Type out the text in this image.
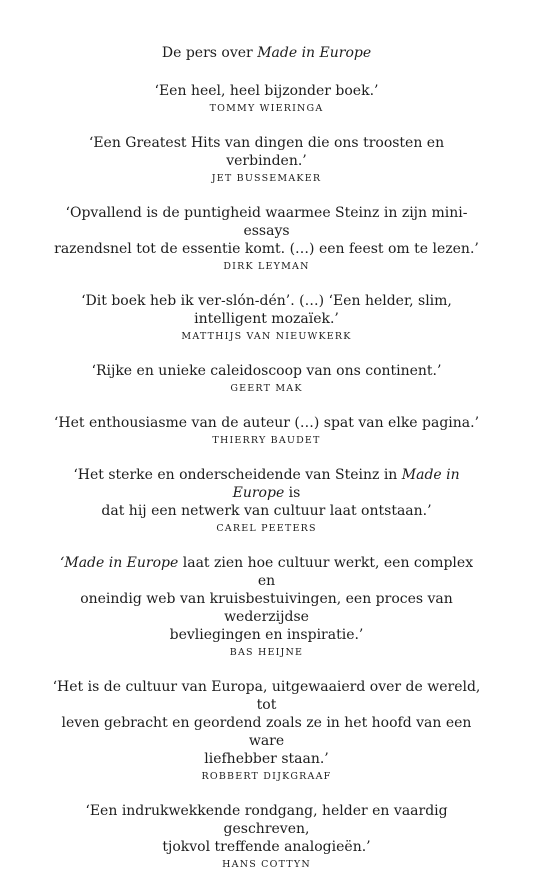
De pers over Made in Europe

‘Een heel, heel bijzonder boek.’

TOMMY WIERINGA

‘Een Greatest Hits van dingen die ons troosten en verbinden.’

JET BUSSEMAKER

‘Opvallend is de puntigheid waarmee Steinz in zijn mini-essays
razendsnel tot de essentie komt. (…) een feest om te lezen.’

DIRK LEYMAN

‘Dit boek heb ik ver-slón-dén’. (…) ‘Een helder, slim,
intelligent mozaïek.’

MATTHIJS VAN NIEUWKERK

‘Rijke en unieke caleidoscoop van ons continent.’

GEERT MAK

‘Het enthousiasme van de auteur (…) spat van elke pagina.’

THIERRY BAUDET

‘Het sterke en onderscheidende van Steinz in Made in Europe is
dat hij een netwerk van cultuur laat ontstaan.’

CAREL PEETERS

‘Made in Europe laat zien hoe cultuur werkt, een complex en
oneindig web van kruisbestuivingen, een proces van wederzijdse
bevliegingen en inspiratie.’

BAS HEIJNE

‘Het is de cultuur van Europa, uitgewaaierd over de wereld, tot
leven gebracht en geordend zoals ze in het hoofd van een ware
liefhebber staan.’

ROBBERT DIJKGRAAF

‘Een indrukwekkende rondgang, helder en vaardig geschreven,
tjokvol treffende analogieën.’

HANS COTTYN
